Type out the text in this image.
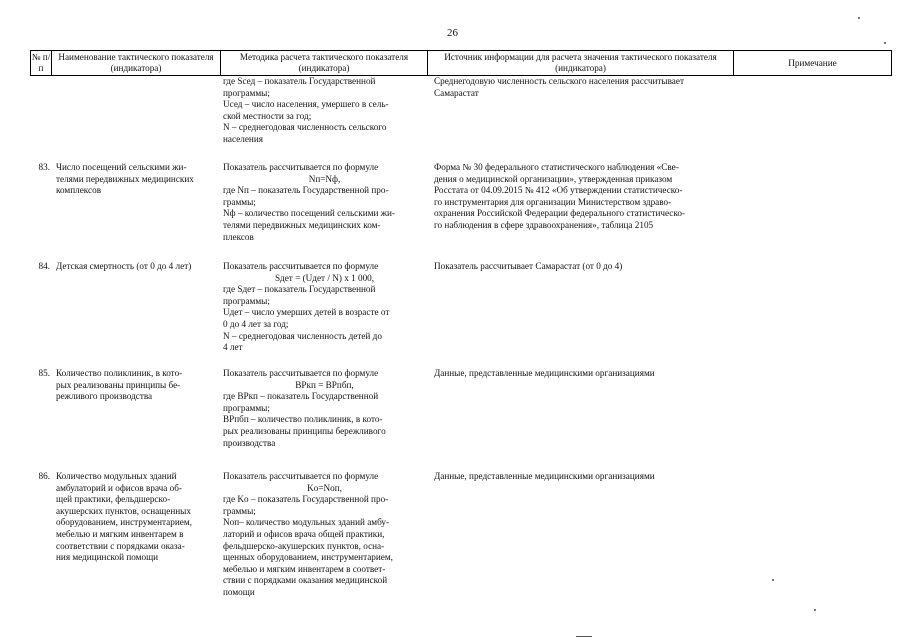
26
№ п/п
Наименование тактического показателя (индикатора)
Методика расчета тактического показателя (индикатора)
Источник информации для расчета значения тактического показателя (индикатора)
Примечание
где Sсед – показатель Государственной
программы;
Uсед – число населения, умершего в сель-
ской местности за год;
N – среднегодовая численность сельского
населения
Среднегодовую численность сельского населения рассчитывает
Самарастат
83. Число посещений сельскими жи-
телями передвижных медицинских
комплексов
Показатель рассчитывается по формуле
Nп=Nф,
где Nп – показатель Государственной про-
граммы;
Nф – количество посещений сельскими жи-
телями передвижных медицинских ком-
плексов
Форма № 30 федерального статистического наблюдения «Све-
дения о медицинской организации», утвержденная приказом
Росстата от 04.09.2015 № 412 «Об утверждении статистическо-
го инструментария для организации Министерством здраво-
охранения Российской Федерации федерального статистическо-
го наблюдения в сфере здравоохранения», таблица 2105
84. Детская смертность (от 0 до 4 лет)	Показатель рассчитывается по формуле
Sдет = (Uдет / N) x 1 000,
где Sдет – показатель Государственной
программы;
Uдет – число умерших детей в возрасте от
0 до 4 лет за год;
N – среднегодовая численность детей до
4 лет
Показатель рассчитывает Самарастат (от 0 до 4)
85. Количество поликлиник, в кото-
рых реализованы принципы бе-
режливого производства
Показатель рассчитывается по формуле
BPкп = BPпбп,
где BPкп – показатель Государственной
программы;
BPпбп – количество поликлиник, в кото-
рых реализованы принципы бережливого
производства
Данные, представленные медицинскими организациями
86. Количество модульных зданий
амбулаторий и офисов врача об-
щей практики, фельдшерско-
акушерских пунктов, оснащенных
оборудованием, инструментарием,
мебелью и мягким инвентарем в
соответствии с порядками оказа-
ния медицинской помощи
Показатель рассчитывается по формуле
Kо=Nоп,
где Kо – показатель Государственной про-
граммы;
Nоп– количество модульных зданий амбу-
латорий и офисов врача общей практики,
фельдшерско-акушерских пунктов, осна-
щенных оборудованием, инструментарием,
мебелью и мягким инвентарем в соответ-
ствии с порядками оказания медицинской
помощи
Данные, представленные медицинскими организациями
